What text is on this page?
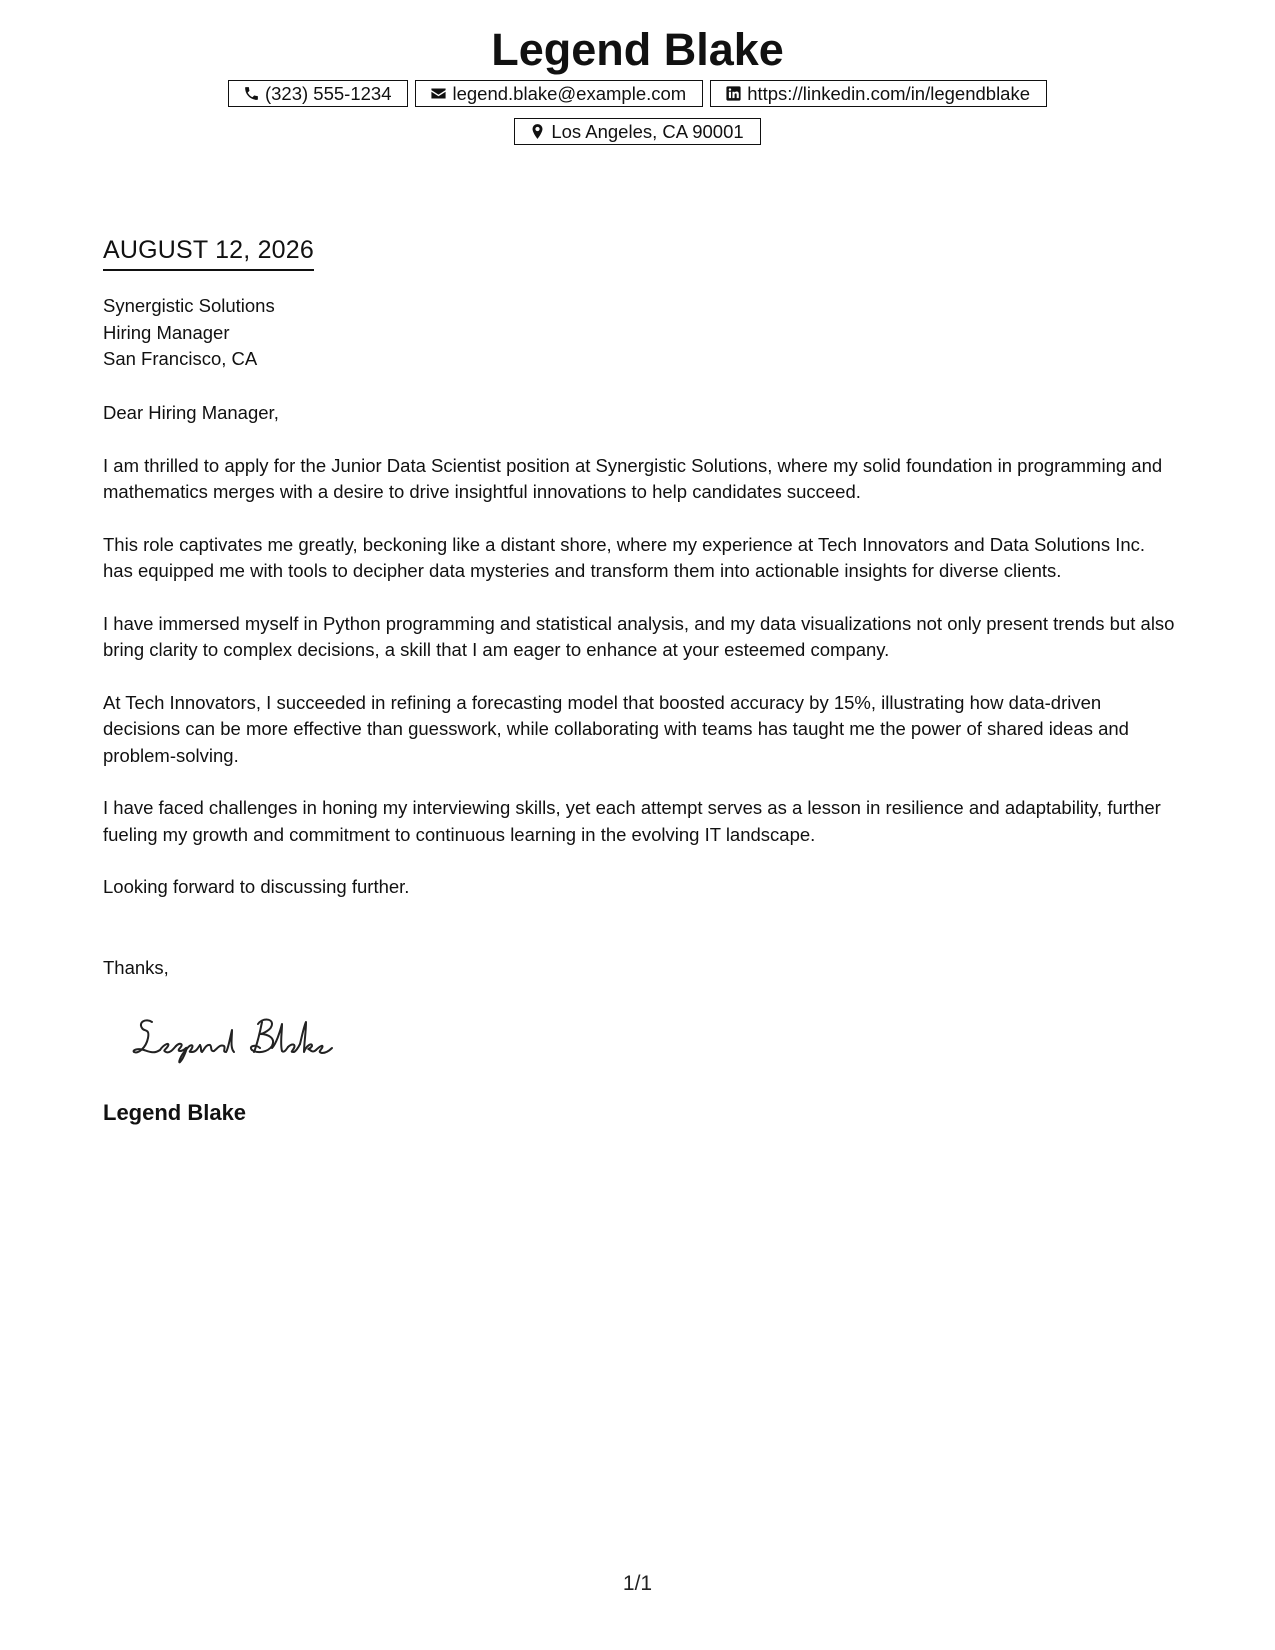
Legend Blake
(323) 555-1234	legend.blake@example.com	https://linkedin.com/in/legendblake
Los Angeles, CA 90001
AUGUST 12, 2026
Synergistic Solutions
Hiring Manager
San Francisco, CA

Dear Hiring Manager,

I am thrilled to apply for the Junior Data Scientist position at Synergistic Solutions, where my solid foundation in programming and mathematics merges with a desire to drive insightful innovations to help candidates succeed.

This role captivates me greatly, beckoning like a distant shore, where my experience at Tech Innovators and Data Solutions Inc. has equipped me with tools to decipher data mysteries and transform them into actionable insights for diverse clients.

I have immersed myself in Python programming and statistical analysis, and my data visualizations not only present trends but also bring clarity to complex decisions, a skill that I am eager to enhance at your esteemed company.

At Tech Innovators, I succeeded in refining a forecasting model that boosted accuracy by 15%, illustrating how data-driven decisions can be more effective than guesswork, while collaborating with teams has taught me the power of shared ideas and problem-solving.

I have faced challenges in honing my interviewing skills, yet each attempt serves as a lesson in resilience and adaptability, further fueling my growth and commitment to continuous learning in the evolving IT landscape.

Looking forward to discussing further.

Thanks,
Legend Blake
1/1
